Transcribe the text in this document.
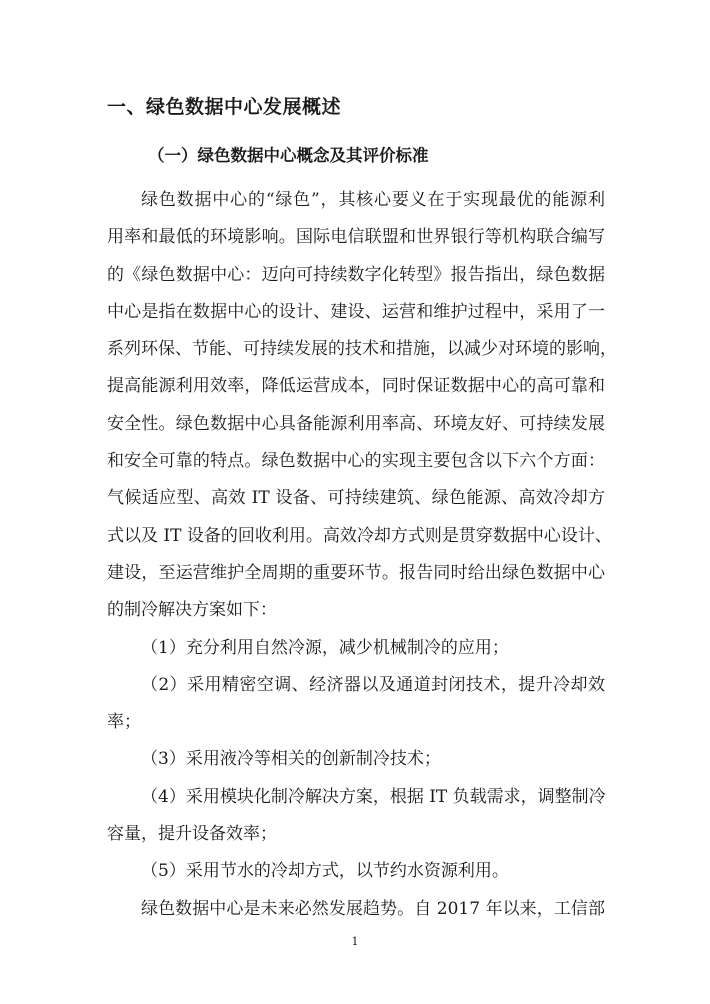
一、绿色数据中心发展概述
（一）绿色数据中心概念及其评价标准
绿色数据中心的“绿色”，其核心要义在于实现最优的能源利
用率和最低的环境影响。国际电信联盟和世界银行等机构联合编写
的《绿色数据中心：迈向可持续数字化转型》报告指出，绿色数据
中心是指在数据中心的设计、建设、运营和维护过程中，采用了一
系列环保、节能、可持续发展的技术和措施，以减少对环境的影响，
提高能源利用效率，降低运营成本，同时保证数据中心的高可靠和
安全性。绿色数据中心具备能源利用率高、环境友好、可持续发展
和安全可靠的特点。绿色数据中心的实现主要包含以下六个方面：
气候适应型、高效 IT 设备、可持续建筑、绿色能源、高效冷却方
式以及 IT 设备的回收利用。高效冷却方式则是贯穿数据中心设计、
建设，至运营维护全周期的重要环节。报告同时给出绿色数据中心
的制冷解决方案如下：
（1）充分利用自然冷源，减少机械制冷的应用；
（2）采用精密空调、经济器以及通道封闭技术，提升冷却效
率；
（3）采用液冷等相关的创新制冷技术；
（4）采用模块化制冷解决方案，根据 IT 负载需求，调整制冷
容量，提升设备效率；
（5）采用节水的冷却方式，以节约水资源利用。
绿色数据中心是未来必然发展趋势。自 2017 年以来，工信部
1
